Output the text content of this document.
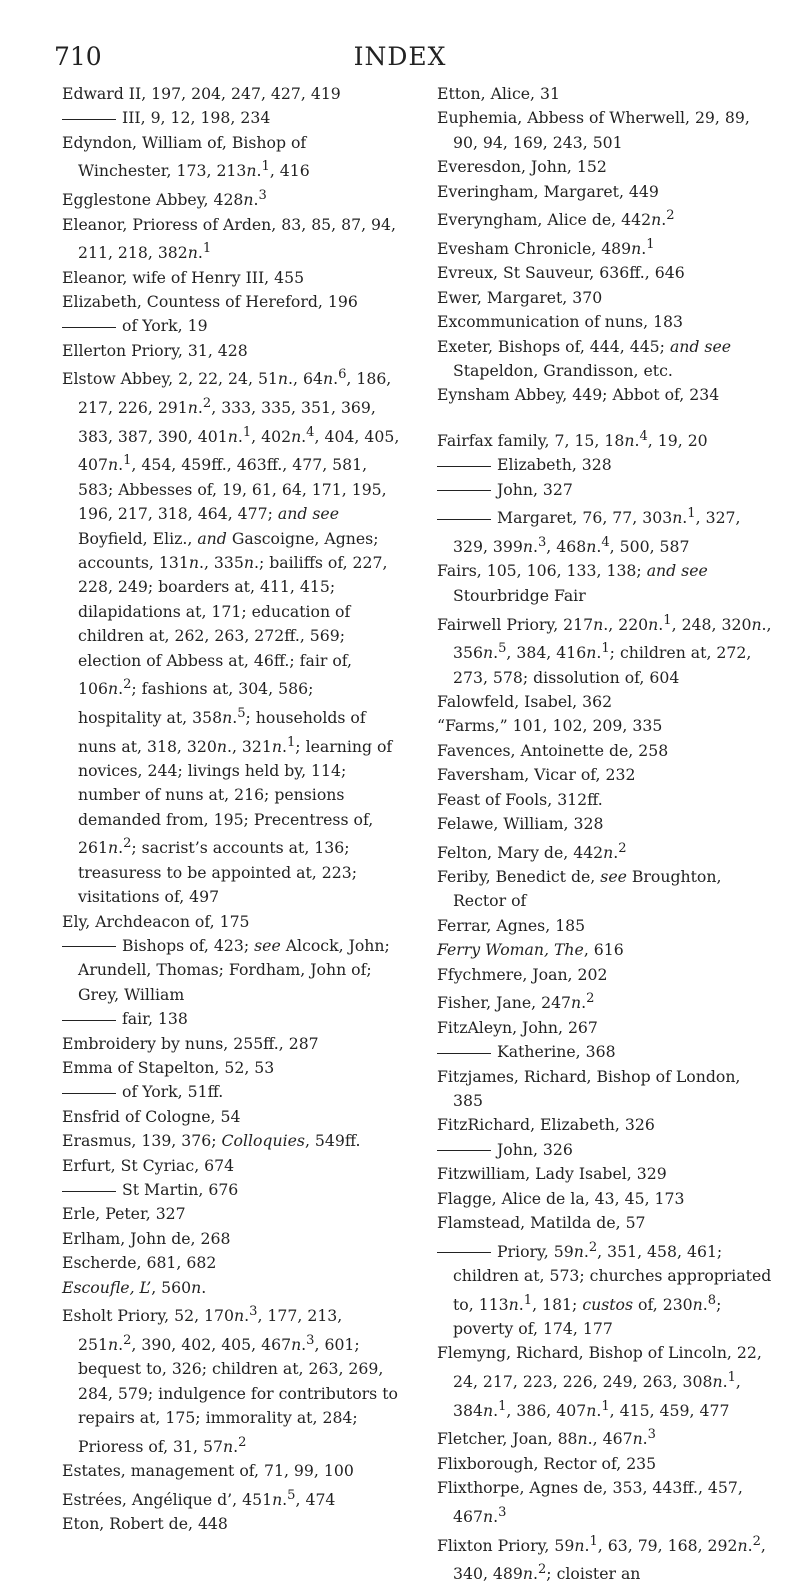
710	INDEX

Edward II, 197, 204, 247, 427, 419

III, 9, 12, 198, 234

Edyndon, William of, Bishop of Winchester, 173, 213n.$^1$, 416

Egglestone Abbey, 428n.$^3$

Eleanor, Prioress of Arden, 83, 85, 87, 94, 211, 218, 382n.$^1$

Eleanor, wife of Henry III, 455

Elizabeth, Countess of Hereford, 196

of York, 19

Ellerton Priory, 31, 428

Elstow Abbey, 2, 22, 24, 51n., 64n.$^6$, 186, 217, 226, 291n.$^2$, 333, 335, 351, 369, 383, 387, 390, 401n.$^1$, 402n.$^4$, 404, 405, 407n.$^1$, 454, 459ff., 463ff., 477, 581, 583; Abbesses of, 19, 61, 64, 171, 195, 196, 217, 318, 464, 477; and see Boyfield, Eliz., and Gascoigne, Agnes; accounts, 131n., 335n.; bailiffs of, 227, 228, 249; boarders at, 411, 415; dilapidations at, 171; education of children at, 262, 263, 272ff., 569; election of Abbess at, 46ff.; fair of, 106n.$^2$; fashions at, 304, 586; hospitality at, 358n.$^5$; households of nuns at, 318, 320n., 321n.$^1$; learning of novices, 244; livings held by, 114; number of nuns at, 216; pensions demanded from, 195; Precentress of, 261n.$^2$; sacrist’s accounts at, 136; treasuress to be appointed at, 223; visitations of, 497

Ely, Archdeacon of, 175

Bishops of, 423; see Alcock, John; Arundell, Thomas; Fordham, John of; Grey, William

fair, 138

Embroidery by nuns, 255ff., 287

Emma of Stapelton, 52, 53

of York, 51ff.

Ensfrid of Cologne, 54

Erasmus, 139, 376; Colloquies, 549ff.

Erfurt, St Cyriac, 674

St Martin, 676

Erle, Peter, 327

Erlham, John de, 268

Escherde, 681, 682

Escoufle, L’, 560n.

Esholt Priory, 52, 170n.$^3$, 177, 213, 251n.$^2$, 390, 402, 405, 467n.$^3$, 601; bequest to, 326; children at, 263, 269, 284, 579; indulgence for contributors to repairs at, 175; immorality at, 284; Prioress of, 31, 57n.$^2$

Estates, management of, 71, 99, 100

Estrées, Angélique d’, 451n.$^5$, 474

Eton, Robert de, 448

Etton, Alice, 31

Euphemia, Abbess of Wherwell, 29, 89, 90, 94, 169, 243, 501

Everesdon, John, 152

Everingham, Margaret, 449

Everyngham, Alice de, 442n.$^2$

Evesham Chronicle, 489n.$^1$

Evreux, St Sauveur, 636ff., 646

Ewer, Margaret, 370

Excommunication of nuns, 183

Exeter, Bishops of, 444, 445; and see Stapeldon, Grandisson, etc.

Eynsham Abbey, 449; Abbot of, 234

Fairfax family, 7, 15, 18n.$^4$, 19, 20

Elizabeth, 328

John, 327

Margaret, 76, 77, 303n.$^1$, 327, 329, 399n.$^3$, 468n.$^4$, 500, 587

Fairs, 105, 106, 133, 138; and see Stourbridge Fair

Fairwell Priory, 217n., 220n.$^1$, 248, 320n., 356n.$^5$, 384, 416n.$^1$; children at, 272, 273, 578; dissolution of, 604

Falowfeld, Isabel, 362

“Farms,” 101, 102, 209, 335

Favences, Antoinette de, 258

Faversham, Vicar of, 232

Feast of Fools, 312ff.

Felawe, William, 328

Felton, Mary de, 442n.$^2$

Feriby, Benedict de, see Broughton, Rector of

Ferrar, Agnes, 185

Ferry Woman, The, 616

Ffychmere, Joan, 202

Fisher, Jane, 247n.$^2$

FitzAleyn, John, 267

Katherine, 368

Fitzjames, Richard, Bishop of London, 385

FitzRichard, Elizabeth, 326

John, 326

Fitzwilliam, Lady Isabel, 329

Flagge, Alice de la, 43, 45, 173

Flamstead, Matilda de, 57

Priory, 59n.$^2$, 351, 458, 461; children at, 573; churches appropriated to, 113n.$^1$, 181; custos of, 230n.$^8$; poverty of, 174, 177

Flemyng, Richard, Bishop of Lincoln, 22, 24, 217, 223, 226, 249, 263, 308n.$^1$, 384n.$^1$, 386, 407n.$^1$, 415, 459, 477

Fletcher, Joan, 88n., 467n.$^3$

Flixborough, Rector of, 235

Flixthorpe, Agnes de, 353, 443ff., 457, 467n.$^3$

Flixton Priory, 59n.$^1$, 63, 79, 168, 292n.$^2$, 340, 489n.$^2$; cloister an
